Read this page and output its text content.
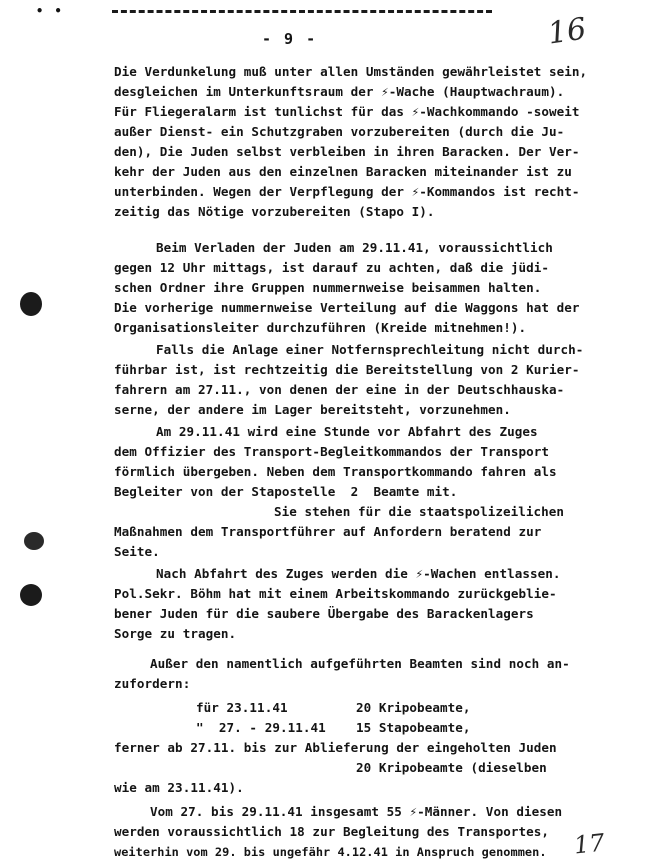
• •
- 9 -	16
Die Verdunkelung muß unter allen Umständen gewährleistet sein,
desgleichen im Unterkunftsraum der ⚡-Wache (Hauptwachraum).
Für Fliegeralarm ist tunlichst für das ⚡-Wachkommando -soweit
außer Dienst- ein Schutzgraben vorzubereiten (durch die Ju-
den), Die Juden selbst verbleiben in ihren Baracken. Der Ver-
kehr der Juden aus den einzelnen Baracken miteinander ist zu
unterbinden. Wegen der Verpflegung der ⚡-Kommandos ist recht-
zeitig das Nötige vorzubereiten (Stapo I).
Beim Verladen der Juden am 29.11.41, voraussichtlich
gegen 12 Uhr mittags, ist darauf zu achten, daß die jüdi-
schen Ordner ihre Gruppen nummernweise beisammen halten.
Die vorherige nummernweise Verteilung auf die Waggons hat der
Organisationsleiter durchzuführen (Kreide mitnehmen!).
Falls die Anlage einer Notfernsprechleitung nicht durch-
führbar ist, ist rechtzeitig die Bereitstellung von 2 Kurier-
fahrern am 27.11., von denen der eine in der Deutschhauska-
serne, der andere im Lager bereitsteht, vorzunehmen.
Am 29.11.41 wird eine Stunde vor Abfahrt des Zuges
dem Offizier des Transport-Begleitkommandos der Transport
förmlich übergeben. Neben dem Transportkommando fahren als
Begleiter von der Stapostelle  2  Beamte mit.
Sie stehen für die staatspolizeilichen
Maßnahmen dem Transportführer auf Anfordern beratend zur
Seite.
Nach Abfahrt des Zuges werden die ⚡-Wachen entlassen.
Pol.Sekr. Böhm hat mit einem Arbeitskommando zurückgeblie-
bener Juden für die saubere Übergabe des Barackenlagers
Sorge zu tragen.
Außer den namentlich aufgeführten Beamten sind noch an-
zufordern:
für 23.11.41	20 Kripobeamte,
"  27. - 29.11.41 15 Stapobeamte,
ferner ab 27.11. bis zur Ablieferung der eingeholten Juden
20 Kripobeamte (dieselben
wie am 23.11.41).
Vom 27. bis 29.11.41 insgesamt 55 ⚡-Männer. Von diesen
werden voraussichtlich 18 zur Begleitung des Transportes,
weiterhin vom 29. bis ungefähr 4.12.41 in Anspruch genommen. 17
